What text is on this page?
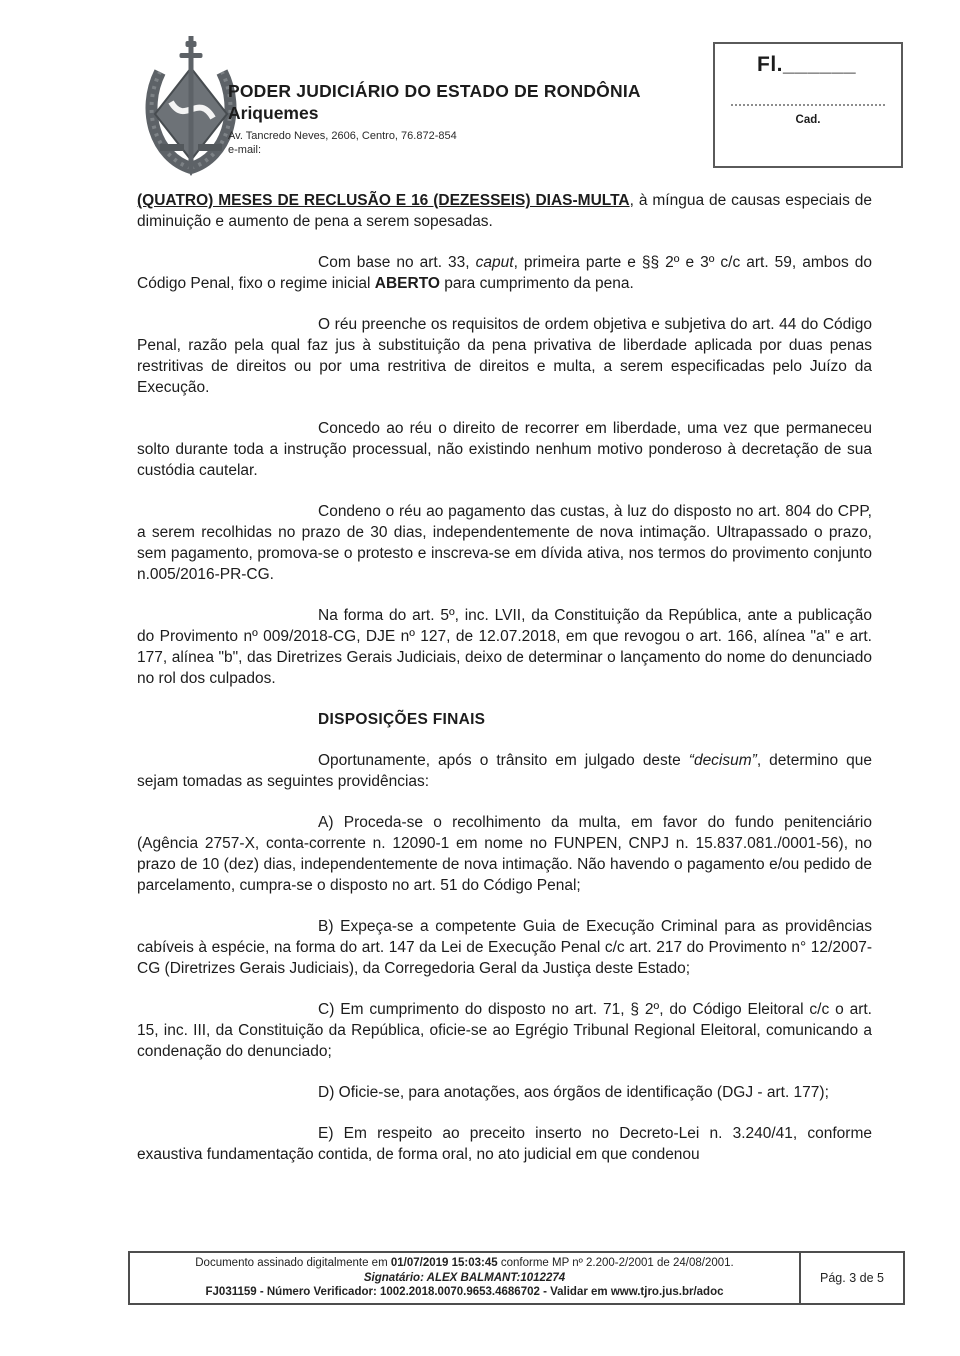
PODER JUDICIÁRIO DO ESTADO DE RONDÔNIA
Ariquemes
Av. Tancredo Neves, 2606, Centro, 76.872-854
e-mail:
Fl.______
Cad.

(QUATRO) MESES DE RECLUSÃO E 16 (DEZESSEIS) DIAS-MULTA, à míngua de causas especiais de diminuição e aumento de pena a serem sopesadas.

Com base no art. 33, caput, primeira parte e §§ 2º e 3º c/c art. 59, ambos do Código Penal, fixo o regime inicial ABERTO para cumprimento da pena.

O réu preenche os requisitos de ordem objetiva e subjetiva do art. 44 do Código Penal, razão pela qual faz jus à substituição da pena privativa de liberdade aplicada por duas penas restritivas de direitos ou por uma restritiva de direitos e multa, a serem especificadas pelo Juízo da Execução.

Concedo ao réu o direito de recorrer em liberdade, uma vez que permaneceu solto durante toda a instrução processual, não existindo nenhum motivo ponderoso à decretação de sua custódia cautelar.

Condeno o réu ao pagamento das custas, à luz do disposto no art. 804 do CPP, a serem recolhidas no prazo de 30 dias, independentemente de nova intimação. Ultrapassado o prazo, sem pagamento, promova-se o protesto e inscreva-se em dívida ativa, nos termos do provimento conjunto n.005/2016-PR-CG.

Na forma do art. 5º, inc. LVII, da Constituição da República, ante a publicação do Provimento nº 009/2018-CG, DJE nº 127, de 12.07.2018, em que revogou o art. 166, alínea "a" e art. 177, alínea "b", das Diretrizes Gerais Judiciais, deixo de determinar o lançamento do nome do denunciado no rol dos culpados.

DISPOSIÇÕES FINAIS

Oportunamente, após o trânsito em julgado deste “decisum”, determino que sejam tomadas as seguintes providências:

A) Proceda-se o recolhimento da multa, em favor do fundo penitenciário (Agência 2757-X, conta-corrente n. 12090-1 em nome no FUNPEN, CNPJ n. 15.837.081./0001-56), no prazo de 10 (dez) dias, independentemente de nova intimação. Não havendo o pagamento e/ou pedido de parcelamento, cumpra-se o disposto no art. 51 do Código Penal;

B) Expeça-se a competente Guia de Execução Criminal para as providências cabíveis à espécie, na forma do art. 147 da Lei de Execução Penal c/c art. 217 do Provimento n° 12/2007-CG (Diretrizes Gerais Judiciais), da Corregedoria Geral da Justiça deste Estado;

C) Em cumprimento do disposto no art. 71, § 2º, do Código Eleitoral c/c o art. 15, inc. III, da Constituição da República, oficie-se ao Egrégio Tribunal Regional Eleitoral, comunicando a condenação do denunciado;

D) Oficie-se, para anotações, aos órgãos de identificação (DGJ - art. 177);

E) Em respeito ao preceito inserto no Decreto-Lei n. 3.240/41, conforme exaustiva fundamentação contida, de forma oral, no ato judicial em que condenou

Documento assinado digitalmente em 01/07/2019 15:03:45 conforme MP nº 2.200-2/2001 de 24/08/2001.
Signatário: ALEX BALMANT:1012274
FJ031159 - Número Verificador: 1002.2018.0070.9653.4686702 - Validar em www.tjro.jus.br/adoc
Pág. 3 de 5
